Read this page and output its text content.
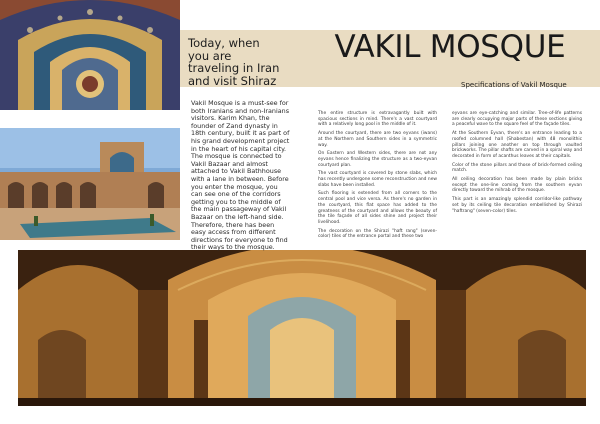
Today, when you are traveling in Iran and visit Shiraz
VAKIL MOSQUE
Specifications of Vakil Mosque
Vakil Mosque is a must-see for both Iranians and non-Iranians visitors. Karim Khan, the founder of Zand dynasty in 18th century, built it as part of his grand development project in the heart of his capital city. The mosque is connected to Vakil Bazaar and almost attached to Vakil Bathhouse with a lane in between. Before you enter the mosque, you can see one of the corridors getting you to the middle of the main passageway of Vakil Bazaar on the left-hand side. Therefore, there has been easy access from different directions for everyone to find their ways to the mosque.

The entire structure is extravagantly built with spacious sections in mind. There's a vast courtyard with a relatively long pool in the middle of it.

Around the courtyard, there are two eyvans (iwans) at the Northern and Southern sides in a symmetric way.

On Eastern and Western sides, there are not any eyvans hence finalizing the structure as a two-eyvan courtyard plan.

The vast courtyard is covered by stone slabs, which has recently undergone some reconstruction and new slabs have been installed.

Such flooring is extended from all corners to the central pool and vice versa. As there's no garden in the courtyard, this flat space has added to the greatness of the courtyard and allows the beauty of the tile façade of all sides shine and project their livelihood.

The decoration on the Shirazi "haft rang" (seven-color) tiles of the entrance portal and these two

eyvans are eye-catching and similar. Tree-of-life patterns are clearly occupying major parts of these sections giving a peaceful wave to the square feel of the façade tiles.

At the Southern Eyvan, there's an entrance leading to a roofed columned hall (Shabestan) with 48 monolithic pillars joining one another on top through vaulted brickworks. The pillar shafts are carved in a spiral way and decorated in form of acanthus leaves at their capitals.

Color of the stone pillars and those of brick-formed ceiling match.

All ceiling decoration has been made by plain bricks except the one-line coming from the southern eyvan directly toward the mihrab of the mosque.

This part is an amazingly splendid corridor-like pathway set by its ceiling tile decoration embellished by Shirazi "haftrang" (seven-color) tiles.
